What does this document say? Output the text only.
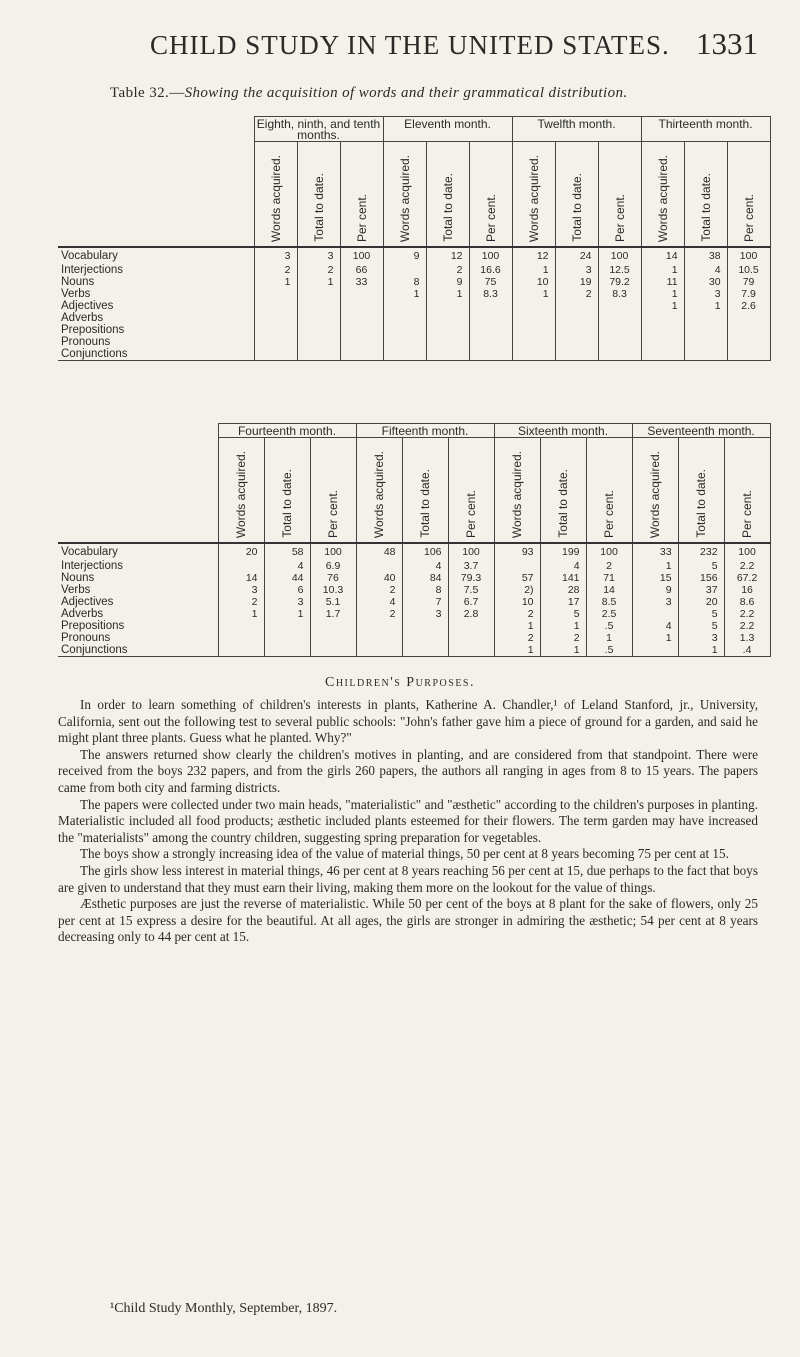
CHILD STUDY IN THE UNITED STATES. 1331
Table 32.—Showing the acquisition of words and their grammatical distribution.
	Eighth, ninth, and tenth months.			Eleventh month.			Twelfth month.			Thirteenth month.		

	Words acquired.	Total to date.	Per cent.	Words acquired.	Total to date.	Per cent.	Words acquired.	Total to date.	Per cent.	Words acquired.	Total to date.	Per cent.

Vocabulary	3	3	100	9	12	100	12	24	100	14	38	100
Interjections	2	2	66		2	16.6	1	3	12.5	1	4	10.5
Nouns	1	1	33	8	9	75	10	19	79.2	11	30	79
Verbs				1	1	8.3	1	2	8.3	1	3	7.9
Adjectives										1	1	2.6
Adverbs												
Prepositions												
Pronouns												
Conjunctions												
	Fourteenth month.			Fifteenth month.			Sixteenth month.			Seventeenth month.		

	Words acquired.	Total to date.	Per cent.	Words acquired.	Total to date.	Per cent.	Words acquired.	Total to date.	Per cent.	Words acquired.	Total to date.	Per cent.

Vocabulary	20	58	100	48	106	100	93	199	100	33	232	100
Interjections		4	6.9		4	3.7		4	2	1	5	2.2
Nouns	14	44	76	40	84	79.3	57	141	71	15	156	67.2
Verbs	3	6	10.3	2	8	7.5	2)	28	14	9	37	16
Adjectives	2	3	5.1	4	7	6.7	10	17	8.5	3	20	8.6
Adverbs	1	1	1.7	2	3	2.8	2	5	2.5		5	2.2
Prepositions							1	1	.5	4	5	2.2
Pronouns							2	2	1	1	3	1.3
Conjunctions							1	1	.5		1	.4
Children's Purposes.

In order to learn something of children's interests in plants, Katherine A. Chandler,¹ of Leland Stanford, jr., University, California, sent out the following test to several public schools: "John's father gave him a piece of ground for a garden, and said he might plant three plants. Guess what he planted. Why?"

The answers returned show clearly the children's motives in planting, and are considered from that standpoint. There were received from the boys 232 papers, and from the girls 260 papers, the authors all ranging in ages from 8 to 15 years. The papers came from both city and farming districts.

The papers were collected under two main heads, "materialistic" and "æsthetic" according to the children's purposes in planting. Materialistic included all food products; æsthetic included plants esteemed for their flowers. The term garden may have increased the "materialists" among the country children, suggesting spring preparation for vegetables.

The boys show a strongly increasing idea of the value of material things, 50 per cent at 8 years becoming 75 per cent at 15.

The girls show less interest in material things, 46 per cent at 8 years reaching 56 per cent at 15, due perhaps to the fact that boys are given to understand that they must earn their living, making them more on the lookout for the value of things.

Æsthetic purposes are just the reverse of materialistic. While 50 per cent of the boys at 8 plant for the sake of flowers, only 25 per cent at 15 express a desire for the beautiful. At all ages, the girls are stronger in admiring the æsthetic; 54 per cent at 8 years decreasing only to 44 per cent at 15.

¹Child Study Monthly, September, 1897.
